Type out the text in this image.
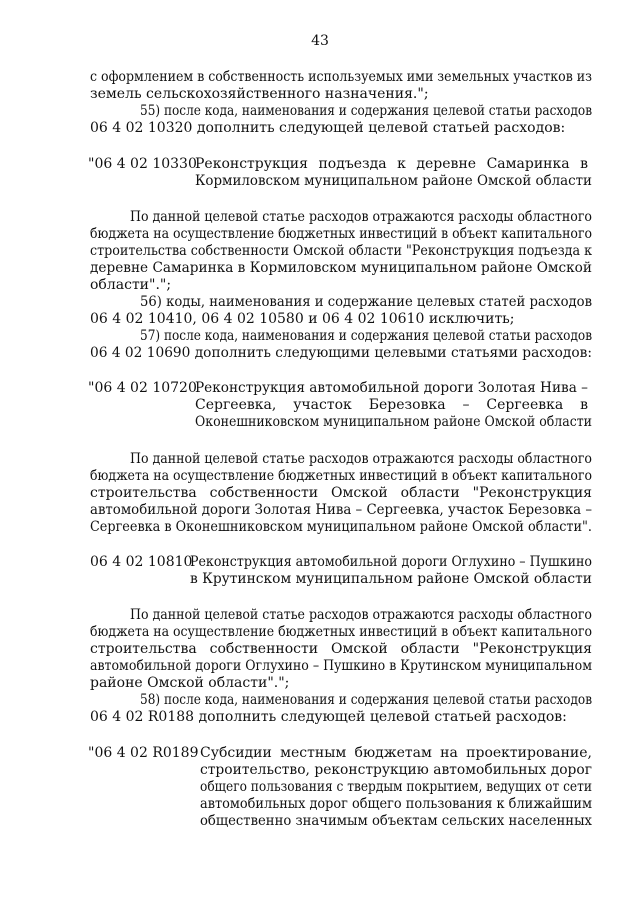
43
с оформлением в собственность используемых ими земельных участков из
земель сельскохозяйственного назначения.";
55) после кода, наименования и содержания целевой статьи расходов
06 4 02 10320 дополнить следующей целевой статьей расходов:
"06 4 02 10330
Реконструкция подъезда к деревне Самаринка в
Кормиловском муниципальном районе Омской области
По данной целевой статье расходов отражаются расходы областного
бюджета на осуществление бюджетных инвестиций в объект капитального
строительства собственности Омской области "Реконструкция подъезда к
деревне Самаринка в Кормиловском муниципальном районе Омской
области".";
56) коды, наименования и содержание целевых статей расходов
06 4 02 10410, 06 4 02 10580 и 06 4 02 10610 исключить;
57) после кода, наименования и содержания целевой статьи расходов
06 4 02 10690 дополнить следующими целевыми статьями расходов:
"06 4 02 10720
Реконструкция автомобильной дороги Золотая Нива –
Сергеевка, участок Березовка – Сергеевка в
Оконешниковском муниципальном районе Омской области
По данной целевой статье расходов отражаются расходы областного
бюджета на осуществление бюджетных инвестиций в объект капитального
строительства собственности Омской области "Реконструкция
автомобильной дороги Золотая Нива – Сергеевка, участок Березовка –
Сергеевка в Оконешниковском муниципальном районе Омской области".
06 4 02 10810
Реконструкция автомобильной дороги Оглухино – Пушкино
в Крутинском муниципальном районе Омской области
По данной целевой статье расходов отражаются расходы областного
бюджета на осуществление бюджетных инвестиций в объект капитального
строительства собственности Омской области "Реконструкция
автомобильной дороги Оглухино – Пушкино в Крутинском муниципальном
районе Омской области".";
58) после кода, наименования и содержания целевой статьи расходов
06 4 02 R0188 дополнить следующей целевой статьей расходов:
"06 4 02 R0189 Субсидии местным бюджетам на проектирование,
строительство, реконструкцию автомобильных дорог
общего пользования с твердым покрытием, ведущих от сети
автомобильных дорог общего пользования к ближайшим
общественно значимым объектам сельских населенных
